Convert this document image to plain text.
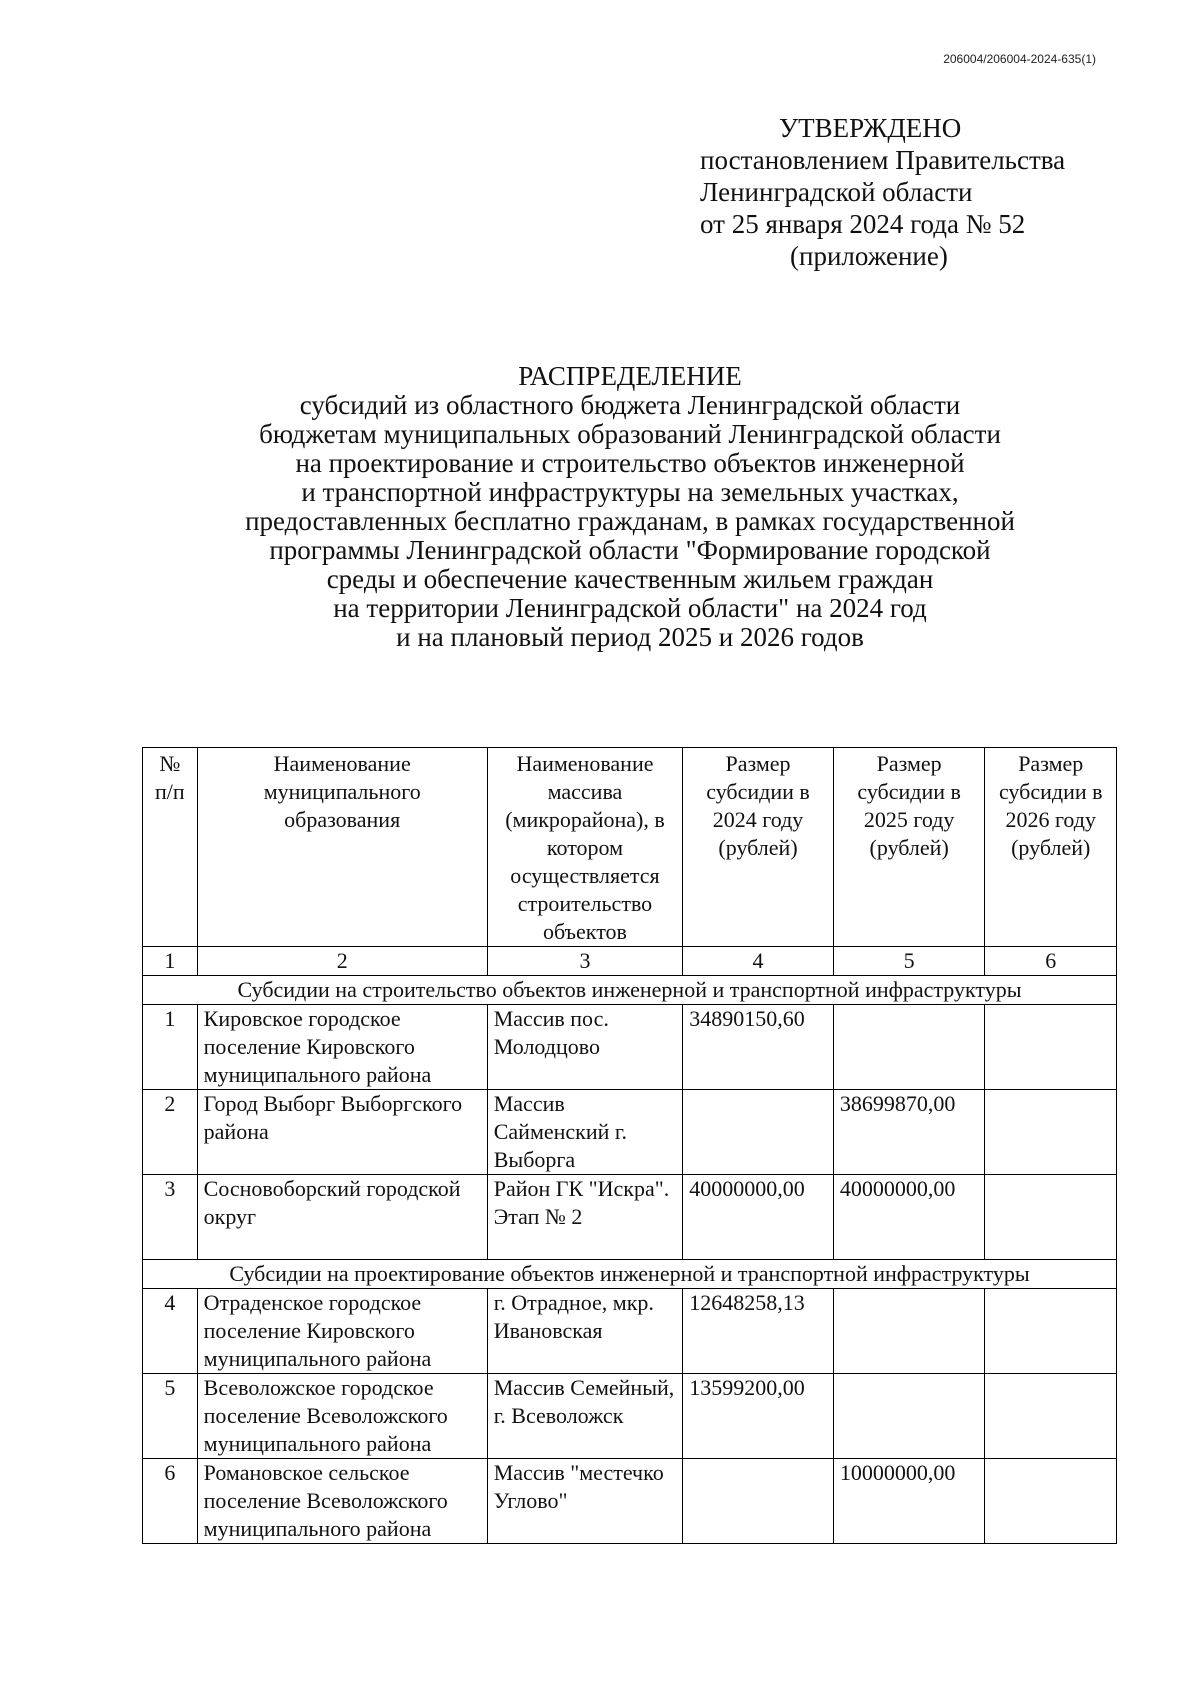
206004/206004-2024-635(1)
УТВЕРЖДЕНО
постановлением Правительства
Ленинградской области
от 25 января 2024 года № 52
(приложение)
РАСПРЕДЕЛЕНИЕ
субсидий из областного бюджета Ленинградской области
бюджетам муниципальных образований Ленинградской области
на проектирование и строительство объектов инженерной
и транспортной инфраструктуры на земельных участках,
предоставленных бесплатно гражданам, в рамках государственной
программы Ленинградской области "Формирование городской
среды и обеспечение качественным жильем граждан
на территории Ленинградской области" на 2024 год
и на плановый период 2025 и 2026 годов
№ п/п	Наименование муниципального образования	Наименование массива (микрорайона), в котором осуществляется строительство объектов	Размер субсидии в 2024 году (рублей)	Размер субсидии в 2025 году (рублей)	Размер субсидии в 2026 году (рублей)
1	2	3	4	5	6
Субсидии на строительство объектов инженерной и транспортной инфраструктуры					
1	Кировское городское поселение Кировского муниципального района	Массив пос. Молодцово	34890150,60		
2	Город Выборг Выборгского района	Массив Сайменский г. Выборга		38699870,00	
3	Сосновоборский городской округ	Район ГК "Искра". Этап № 2	40000000,00	40000000,00	
Субсидии на проектирование объектов инженерной и транспортной инфраструктуры					
4	Отраденское городское поселение Кировского муниципального района	г. Отрадное, мкр. Ивановская	12648258,13		
5	Всеволожское городское поселение Всеволожского муниципального района	Массив Семейный, г. Всеволожск	13599200,00		
6	Романовское сельское поселение Всеволожского муниципального района	Массив "местечко Углово"		10000000,00	
